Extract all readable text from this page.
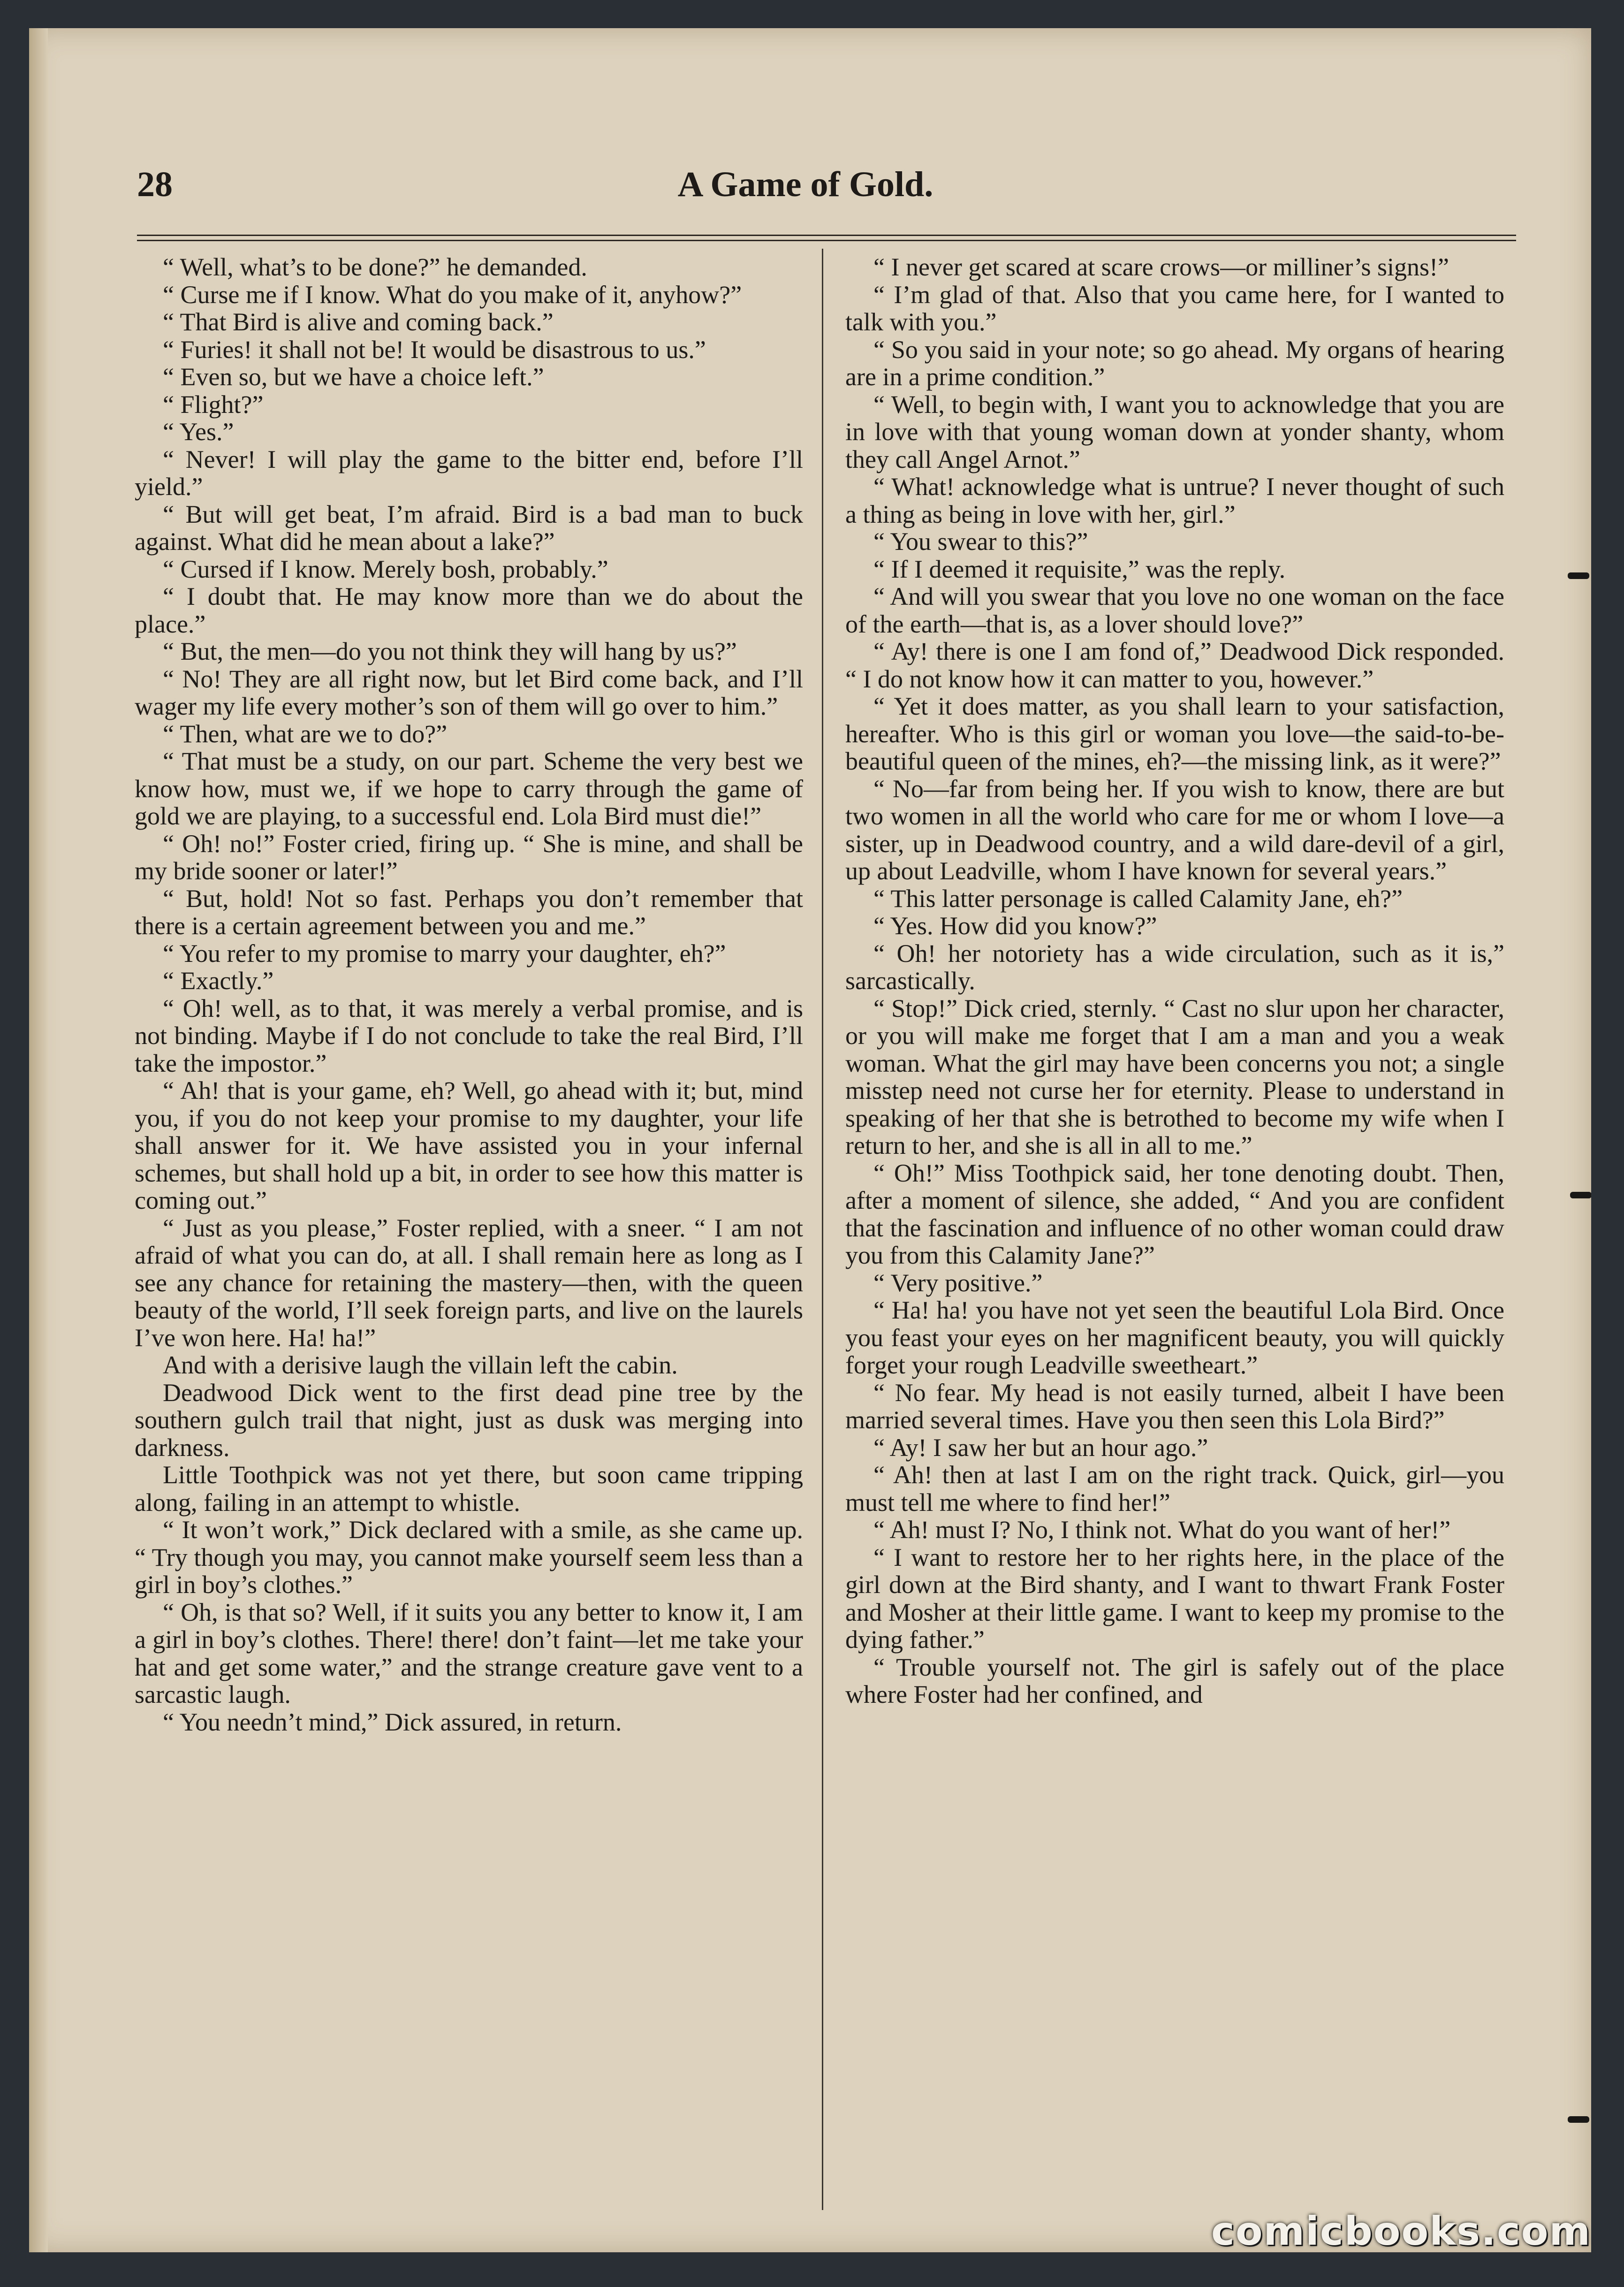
28	A Game of Gold.

“ Well, what’s to be done?” he demanded.

“ Curse me if I know. What do you make of it, anyhow?”

“ That Bird is alive and coming back.”

“ Furies! it shall not be! It would be disastrous to us.”

“ Even so, but we have a choice left.”

“ Flight?”

“ Yes.”

“ Never! I will play the game to the bitter end, before I’ll yield.”

“ But will get beat, I’m afraid. Bird is a bad man to buck against. What did he mean about a lake?”

“ Cursed if I know. Merely bosh, probably.”

“ I doubt that. He may know more than we do about the place.”

“ But, the men—do you not think they will hang by us?”

“ No! They are all right now, but let Bird come back, and I’ll wager my life every mother’s son of them will go over to him.”

“ Then, what are we to do?”

“ That must be a study, on our part. Scheme the very best we know how, must we, if we hope to carry through the game of gold we are playing, to a successful end. Lola Bird must die!”

“ Oh! no!” Foster cried, firing up. “ She is mine, and shall be my bride sooner or later!”

“ But, hold! Not so fast. Perhaps you don’t remember that there is a certain agreement between you and me.”

“ You refer to my promise to marry your daughter, eh?”

“ Exactly.”

“ Oh! well, as to that, it was merely a verbal promise, and is not binding. Maybe if I do not conclude to take the real Bird, I’ll take the impostor.”

“ Ah! that is your game, eh? Well, go ahead with it; but, mind you, if you do not keep your promise to my daughter, your life shall answer for it. We have assisted you in your infernal schemes, but shall hold up a bit, in order to see how this matter is coming out.”

“ Just as you please,” Foster replied, with a sneer. “ I am not afraid of what you can do, at all. I shall remain here as long as I see any chance for retaining the mastery—then, with the queen beauty of the world, I’ll seek foreign parts, and live on the laurels I’ve won here. Ha! ha!”

And with a derisive laugh the villain left the cabin.

Deadwood Dick went to the first dead pine tree by the southern gulch trail that night, just as dusk was merging into darkness.

Little Toothpick was not yet there, but soon came tripping along, failing in an attempt to whistle.

“ It won’t work,” Dick declared with a smile, as she came up. “ Try though you may, you cannot make yourself seem less than a girl in boy’s clothes.”

“ Oh, is that so? Well, if it suits you any better to know it, I am a girl in boy’s clothes. There! there! don’t faint—let me take your hat and get some water,” and the strange creature gave vent to a sarcastic laugh.

“ You needn’t mind,” Dick assured, in return.

“ I never get scared at scare crows—or milliner’s signs!”

“ I’m glad of that. Also that you came here, for I wanted to talk with you.”

“ So you said in your note; so go ahead. My organs of hearing are in a prime condition.”

“ Well, to begin with, I want you to acknowledge that you are in love with that young woman down at yonder shanty, whom they call Angel Arnot.”

“ What! acknowledge what is untrue? I never thought of such a thing as being in love with her, girl.”

“ You swear to this?”

“ If I deemed it requisite,” was the reply.

“ And will you swear that you love no one woman on the face of the earth—that is, as a lover should love?”

“ Ay! there is one I am fond of,” Deadwood Dick responded. “ I do not know how it can matter to you, however.”

“ Yet it does matter, as you shall learn to your satisfaction, hereafter. Who is this girl or woman you love—the said-to-be-beautiful queen of the mines, eh?—the missing link, as it were?”

“ No—far from being her. If you wish to know, there are but two women in all the world who care for me or whom I love—a sister, up in Deadwood country, and a wild dare-devil of a girl, up about Leadville, whom I have known for several years.”

“ This latter personage is called Calamity Jane, eh?”

“ Yes. How did you know?”

“ Oh! her notoriety has a wide circulation, such as it is,” sarcastically.

“ Stop!” Dick cried, sternly. “ Cast no slur upon her character, or you will make me forget that I am a man and you a weak woman. What the girl may have been concerns you not; a single misstep need not curse her for eternity. Please to understand in speaking of her that she is betrothed to become my wife when I return to her, and she is all in all to me.”

“ Oh!” Miss Toothpick said, her tone denoting doubt. Then, after a moment of silence, she added, “ And you are confident that the fascination and influence of no other woman could draw you from this Calamity Jane?”

“ Very positive.”

“ Ha! ha! you have not yet seen the beautiful Lola Bird. Once you feast your eyes on her magnificent beauty, you will quickly forget your rough Leadville sweetheart.”

“ No fear. My head is not easily turned, albeit I have been married several times. Have you then seen this Lola Bird?”

“ Ay! I saw her but an hour ago.”

“ Ah! then at last I am on the right track. Quick, girl—you must tell me where to find her!”

“ Ah! must I? No, I think not. What do you want of her!”

“ I want to restore her to her rights here, in the place of the girl down at the Bird shanty, and I want to thwart Frank Foster and Mosher at their little game. I want to keep my promise to the dying father.”

“ Trouble yourself not. The girl is safely out of the place where Foster had her confined, and

comicbooks.com
